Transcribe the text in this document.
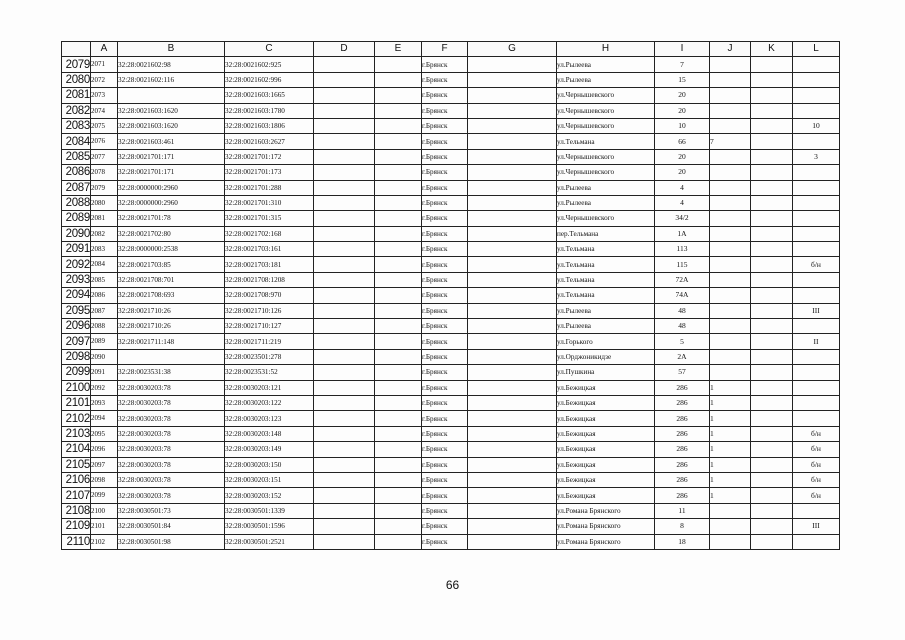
	A	B	C	D	E	F	G	H	I	J	K	L
2079	2071	32:28:0021602:98	32:28:0021602:925			г.Брянск		ул.Рылеева	7			
2080	2072	32:28:0021602:116	32:28:0021602:996			г.Брянск		ул.Рылеева	15			
2081	2073		32:28:0021603:1665			г.Брянск		ул.Чернышевского	20			
2082	2074	32:28:0021603:1620	32:28:0021603:1780			г.Брянск		ул.Чернышевского	20			
2083	2075	32:28:0021603:1620	32:28:0021603:1806			г.Брянск		ул.Чернышевского	10			10
2084	2076	32:28:0021603:461	32:28:0021603:2627			г.Брянск		ул.Тельмана	66	7		
2085	2077	32:28:0021701:171	32:28:0021701:172			г.Брянск		ул.Чернышевского	20			3
2086	2078	32:28:0021701:171	32:28:0021701:173			г.Брянск		ул.Чернышевского	20			
2087	2079	32:28:0000000:2960	32:28:0021701:288			г.Брянск		ул.Рылеева	4			
2088	2080	32:28:0000000:2960	32:28:0021701:310			г.Брянск		ул.Рылеева	4			
2089	2081	32:28:0021701:78	32:28:0021701:315			г.Брянск		ул.Чернышевского	34/2			
2090	2082	32:28:0021702:80	32:28:0021702:168			г.Брянск		пер.Тельмана	1А			
2091	2083	32:28:0000000:2538	32:28:0021703:161			г.Брянск		ул.Тельмана	113			
2092	2084	32:28:0021703:85	32:28:0021703:181			г.Брянск		ул.Тельмана	115			б/н
2093	2085	32:28:0021708:701	32:28:0021708:1208			г.Брянск		ул.Тельмана	72А			
2094	2086	32:28:0021708:693	32:28:0021708:970			г.Брянск		ул.Тельмана	74А			
2095	2087	32:28:0021710:26	32:28:0021710:126			г.Брянск		ул.Рылеева	48			III
2096	2088	32:28:0021710:26	32:28:0021710:127			г.Брянск		ул.Рылеева	48			
2097	2089	32:28:0021711:148	32:28:0021711:219			г.Брянск		ул.Горького	5			II
2098	2090		32:28:0023501:278			г.Брянск		ул.Орджоникидзе	2А			
2099	2091	32:28:0023531:38	32:28:0023531:52			г.Брянск		ул.Пушкина	57			
2100	2092	32:28:0030203:78	32:28:0030203:121			г.Брянск		ул.Бежицкая	286	1		
2101	2093	32:28:0030203:78	32:28:0030203:122			г.Брянск		ул.Бежицкая	286	1		
2102	2094	32:28:0030203:78	32:28:0030203:123			г.Брянск		ул.Бежицкая	286	1		
2103	2095	32:28:0030203:78	32:28:0030203:148			г.Брянск		ул.Бежицкая	286	1		б/н
2104	2096	32:28:0030203:78	32:28:0030203:149			г.Брянск		ул.Бежицкая	286	1		б/н
2105	2097	32:28:0030203:78	32:28:0030203:150			г.Брянск		ул.Бежицкая	286	1		б/н
2106	2098	32:28:0030203:78	32:28:0030203:151			г.Брянск		ул.Бежицкая	286	1		б/н
2107	2099	32:28:0030203:78	32:28:0030203:152			г.Брянск		ул.Бежицкая	286	1		б/н
2108	2100	32:28:0030501:73	32:28:0030501:1339			г.Брянск		ул.Романа Брянского	11			
2109	2101	32:28:0030501:84	32:28:0030501:1596			г.Брянск		ул.Романа Брянского	8			III
2110	2102	32:28:0030501:98	32:28:0030501:2521			г.Брянск		ул.Романа Брянского	18			
66
